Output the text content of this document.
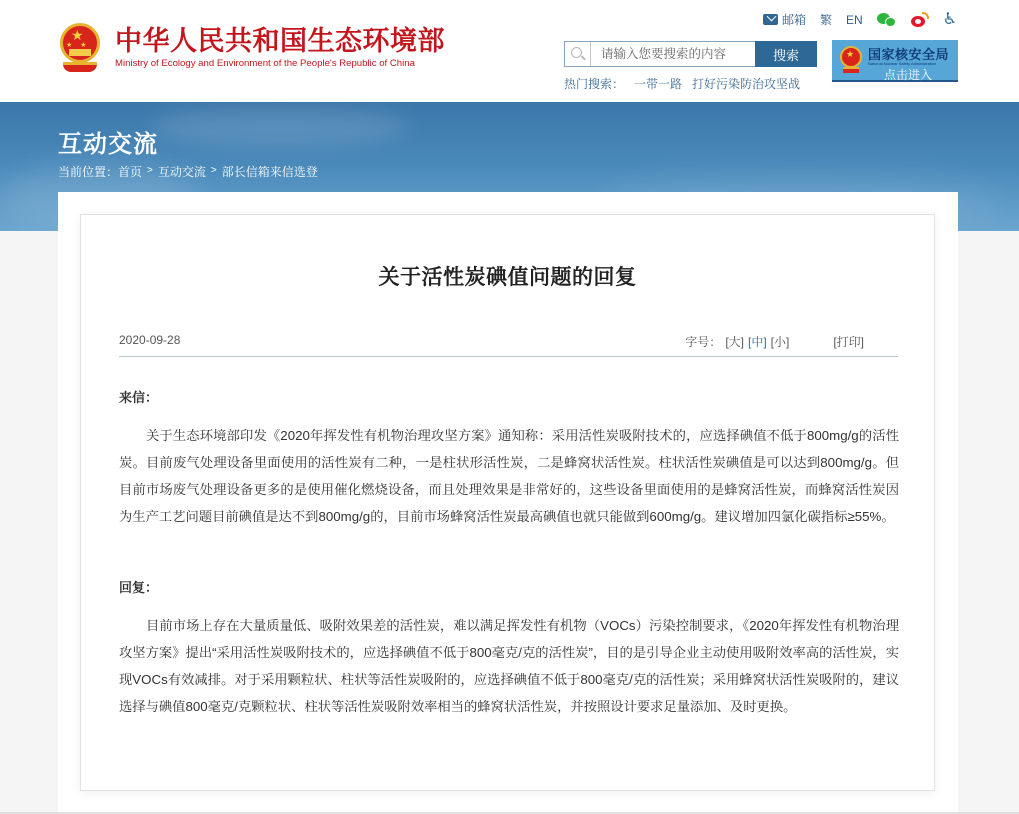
★
★★ 中华人民共和国生态环境部
Ministry of Ecology and Environment of the People's Republic of China
邮箱 繁 EN	♿
请输入您要搜索的内容
搜索
热门搜索： 一带一路 打好污染防治攻坚战
★
国家核安全局
National Nuclear Safety Administration
点击进入
互动交流
当前位置： 首页 > 互动交流 > 部长信箱来信选登
关于活性炭碘值问题的回复
2020-09-28	字号： [大] [中] [小]	[打印]
来信：
关于生态环境部印发《2020年挥发性有机物治理攻坚方案》通知称：采用活性炭吸附技术的，应选择碘值不低于800mg/g的活性炭。目前废气处理设备里面使用的活性炭有二种，一是柱状形活性炭，二是蜂窝状活性炭。柱状活性炭碘值是可以达到800mg/g。但目前市场废气处理设备更多的是使用催化燃烧设备，而且处理效果是非常好的，这些设备里面使用的是蜂窝活性炭，而蜂窝活性炭因为生产工艺问题目前碘值是达不到800mg/g的，目前市场蜂窝活性炭最高碘值也就只能做到600mg/g。建议增加四氯化碳指标≥55%。
回复：
目前市场上存在大量质量低、吸附效果差的活性炭，难以满足挥发性有机物（VOCs）污染控制要求，《2020年挥发性有机物治理攻坚方案》提出“采用活性炭吸附技术的，应选择碘值不低于800毫克/克的活性炭”，目的是引导企业主动使用吸附效率高的活性炭，实现VOCs有效减排。对于采用颗粒状、柱状等活性炭吸附的，应选择碘值不低于800毫克/克的活性炭；采用蜂窝状活性炭吸附的，建议选择与碘值800毫克/克颗粒状、柱状等活性炭吸附效率相当的蜂窝状活性炭，并按照设计要求足量添加、及时更换。
